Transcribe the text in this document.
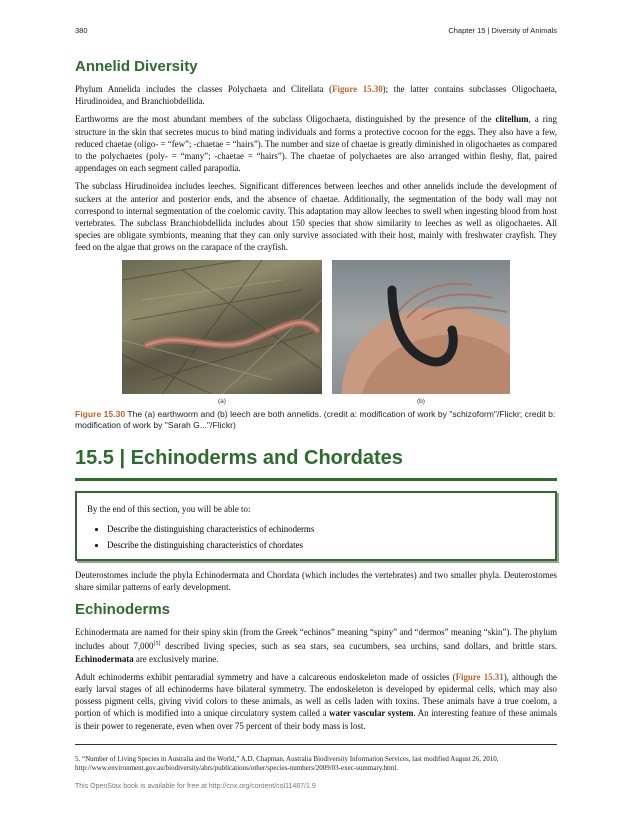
380	Chapter 15 | Diversity of Animals
Annelid Diversity

Phylum Annelida includes the classes Polychaeta and Clitellata (Figure 15.30); the latter contains subclasses Oligochaeta, Hirudinoidea, and Branchiobdellida.

Earthworms are the most abundant members of the subclass Oligochaeta, distinguished by the presence of the clitellum, a ring structure in the skin that secretes mucus to bind mating individuals and forms a protective cocoon for the eggs. They also have a few, reduced chaetae (oligo- = “few”; -chaetae = “hairs”). The number and size of chaetae is greatly diminished in oligochaetes as compared to the polychaetes (poly- = “many”; -chaetae = “hairs”). The chaetae of polychaetes are also arranged within fleshy, flat, paired appendages on each segment called parapodia.

The subclass Hirudinoidea includes leeches. Significant differences between leeches and other annelids include the development of suckers at the anterior and posterior ends, and the absence of chaetae. Additionally, the segmentation of the body wall may not correspond to internal segmentation of the coelomic cavity. This adaptation may allow leeches to swell when ingesting blood from host vertebrates. The subclass Branchiobdellida includes about 150 species that show similarity to leeches as well as oligochaetes. All species are obligate symbionts, meaning that they can only survive associated with their host, mainly with freshwater crayfish. They feed on the algae that grows on the carapace of the crayfish.

(a)	(b)
Figure 15.30 The (a) earthworm and (b) leech are both annelids. (credit a: modification of work by "schizoform"/Flickr; credit b: modification of work by "Sarah G..."/Flickr)
15.5 | Echinoderms and Chordates

By the end of this section, you will be able to:

• Describe the distinguishing characteristics of echinoderms
• Describe the distinguishing characteristics of chordates

Deuterostomes include the phyla Echinodermata and Chordata (which includes the vertebrates) and two smaller phyla. Deuterostomes share similar patterns of early development.

Echinoderms

Echinodermata are named for their spiny skin (from the Greek “echinos” meaning “spiny” and “dermos” meaning “skin”). The phylum includes about 7,000[5] described living species, such as sea stars, sea cucumbers, sea urchins, sand dollars, and brittle stars. Echinodermata are exclusively marine.

Adult echinoderms exhibit pentaradial symmetry and have a calcareous endoskeleton made of ossicles (Figure 15.31), although the early larval stages of all echinoderms have bilateral symmetry. The endoskeleton is developed by epidermal cells, which may also possess pigment cells, giving vivid colors to these animals, as well as cells laden with toxins. These animals have a true coelom, a portion of which is modified into a unique circulatory system called a water vascular system. An interesting feature of these animals is their power to regenerate, even when over 75 percent of their body mass is lost.

5. “Number of Living Species in Australia and the World,” A.D. Chapman, Australia Biodiversity Information Services, last modified August 26, 2010, http://www.environment.gov.au/biodiversity/abrs/publications/other/species-numbers/2009/03-exec-summary.html.
This OpenStax book is available for free at http://cnx.org/content/col11487/1.9
